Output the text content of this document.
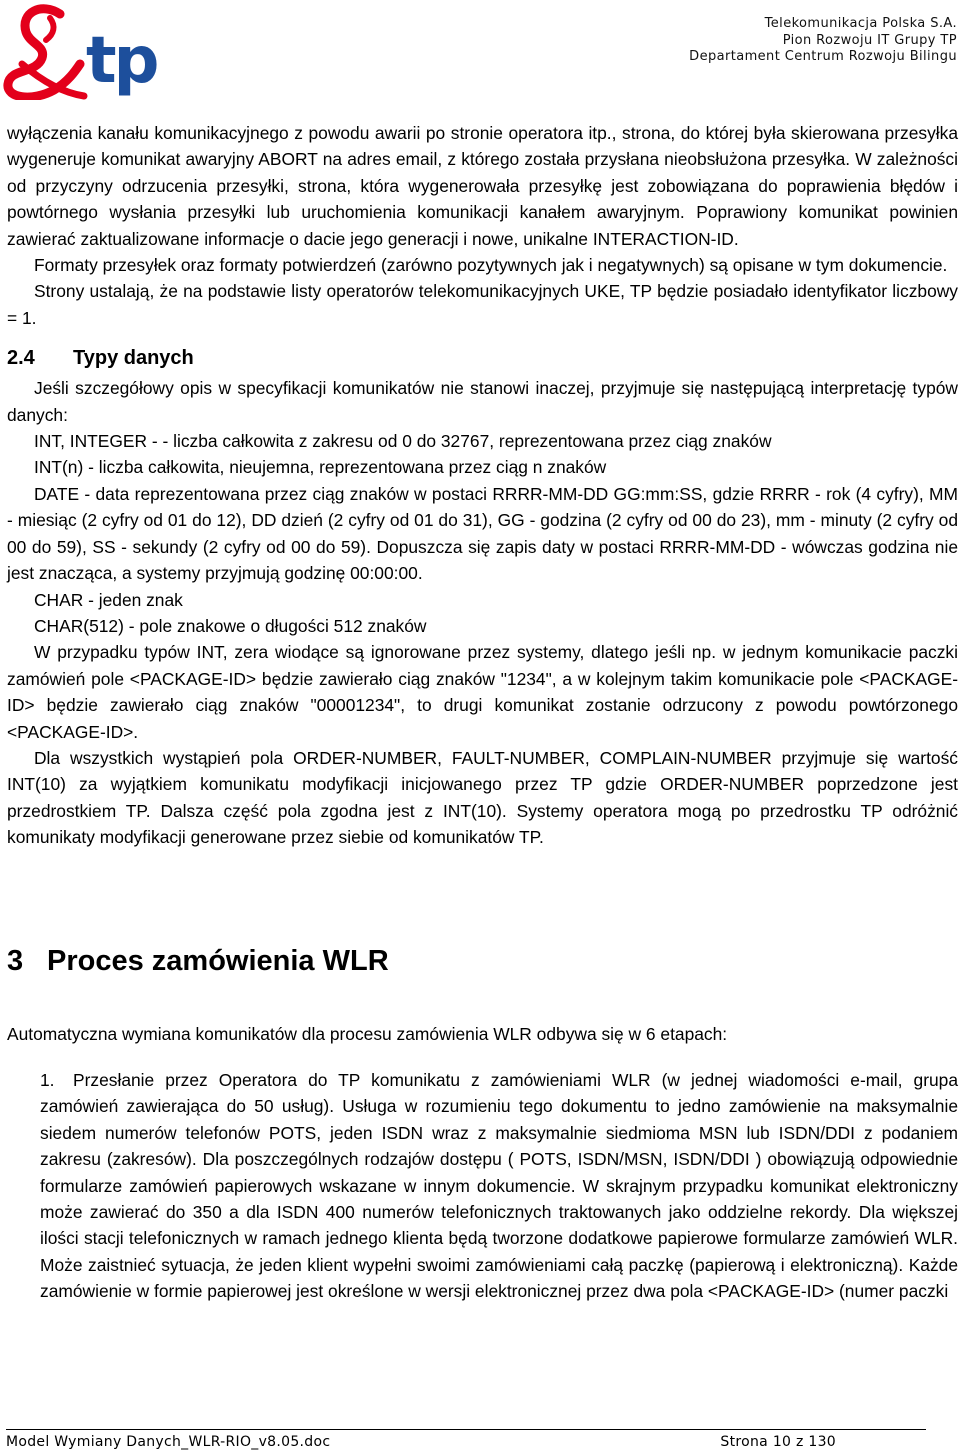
tp
Telekomunikacja Polska S.A.
Pion Rozwoju IT Grupy TP
Departament Centrum Rozwoju Bilingu

wyłączenia kanału komunikacyjnego z powodu awarii po stronie operatora itp., strona, do której była skierowana przesyłka wygeneruje komunikat awaryjny ABORT na adres email, z którego została przysłana nieobsłużona przesyłka. W zależności od przyczyny odrzucenia przesyłki, strona, która wygenerowała przesyłkę jest zobowiązana do poprawienia błędów i powtórnego wysłania przesyłki lub uruchomienia komunikacji kanałem awaryjnym. Poprawiony komunikat powinien zawierać zaktualizowane informacje o dacie jego generacji i nowe, unikalne INTERACTION-ID.

Formaty przesyłek oraz formaty potwierdzeń (zarówno pozytywnych jak i negatywnych) są opisane w tym dokumencie.

Strony ustalają, że na podstawie listy operatorów telekomunikacyjnych UKE, TP będzie posiadało identyfikator liczbowy = 1.

2.4 Typy danych

Jeśli szczegółowy opis w specyfikacji komunikatów nie stanowi inaczej, przyjmuje się następującą interpretację typów danych:

INT, INTEGER - - liczba całkowita z zakresu od 0 do 32767, reprezentowana przez ciąg znaków

INT(n) - liczba całkowita, nieujemna, reprezentowana przez ciąg n znaków

DATE - data reprezentowana przez ciąg znaków w postaci RRRR-MM-DD GG:mm:SS, gdzie RRRR - rok (4 cyfry), MM - miesiąc (2 cyfry od 01 do 12), DD dzień (2 cyfry od 01 do 31), GG - godzina (2 cyfry od 00 do 23), mm - minuty (2 cyfry od 00 do 59), SS - sekundy (2 cyfry od 00 do 59). Dopuszcza się zapis daty w postaci RRRR-MM-DD - wówczas godzina nie jest znacząca, a systemy przyjmują godzinę 00:00:00.

CHAR - jeden znak

CHAR(512) - pole znakowe o długości 512 znaków

W przypadku typów INT, zera wiodące są ignorowane przez systemy, dlatego jeśli np. w jednym komunikacie paczki zamówień pole <PACKAGE-ID> będzie zawierało ciąg znaków "1234", a w kolejnym takim komunikacie pole <PACKAGE-ID> będzie zawierało ciąg znaków "00001234", to drugi komunikat zostanie odrzucony z powodu powtórzonego <PACKAGE-ID>.

Dla wszystkich wystąpień pola ORDER-NUMBER, FAULT-NUMBER, COMPLAIN-NUMBER przyjmuje się wartość INT(10) za wyjątkiem komunikatu modyfikacji inicjowanego przez TP gdzie ORDER-NUMBER poprzedzone jest przedrostkiem TP. Dalsza część pola zgodna jest z INT(10). Systemy operatora mogą po przedrostku TP odróżnić komunikaty modyfikacji generowane przez siebie od komunikatów TP.

3 Proces zamówienia WLR

Automatyczna wymiana komunikatów dla procesu zamówienia WLR odbywa się w 6 etapach:

1.	Przesłanie przez Operatora do TP komunikatu z zamówieniami WLR (w jednej wiadomości e-mail, grupa zamówień zawierająca do 50 usług). Usługa w rozumieniu tego dokumentu to jedno zamówienie na maksymalnie siedem numerów telefonów POTS, jeden ISDN wraz z maksymalnie siedmioma MSN lub ISDN/DDI z podaniem zakresu (zakresów). Dla poszczególnych rodzajów dostępu ( POTS, ISDN/MSN, ISDN/DDI ) obowiązują odpowiednie formularze zamówień papierowych wskazane w innym dokumencie. W skrajnym przypadku komunikat elektroniczny może zawierać do 350 a dla ISDN 400 numerów telefonicznych traktowanych jako oddzielne rekordy. Dla większej ilości stacji telefonicznych w ramach jednego klienta będą tworzone dodatkowe papierowe formularze zamówień WLR. Może zaistnieć sytuacja, że jeden klient wypełni swoimi zamówieniami całą paczkę (papierową i elektroniczną). Każde zamówienie w formie papierowej jest określone w wersji elektronicznej przez dwa pola <PACKAGE-ID> (numer paczki
Model Wymiany Danych_WLR-RIO_v8.05.doc	Strona 10 z 130
